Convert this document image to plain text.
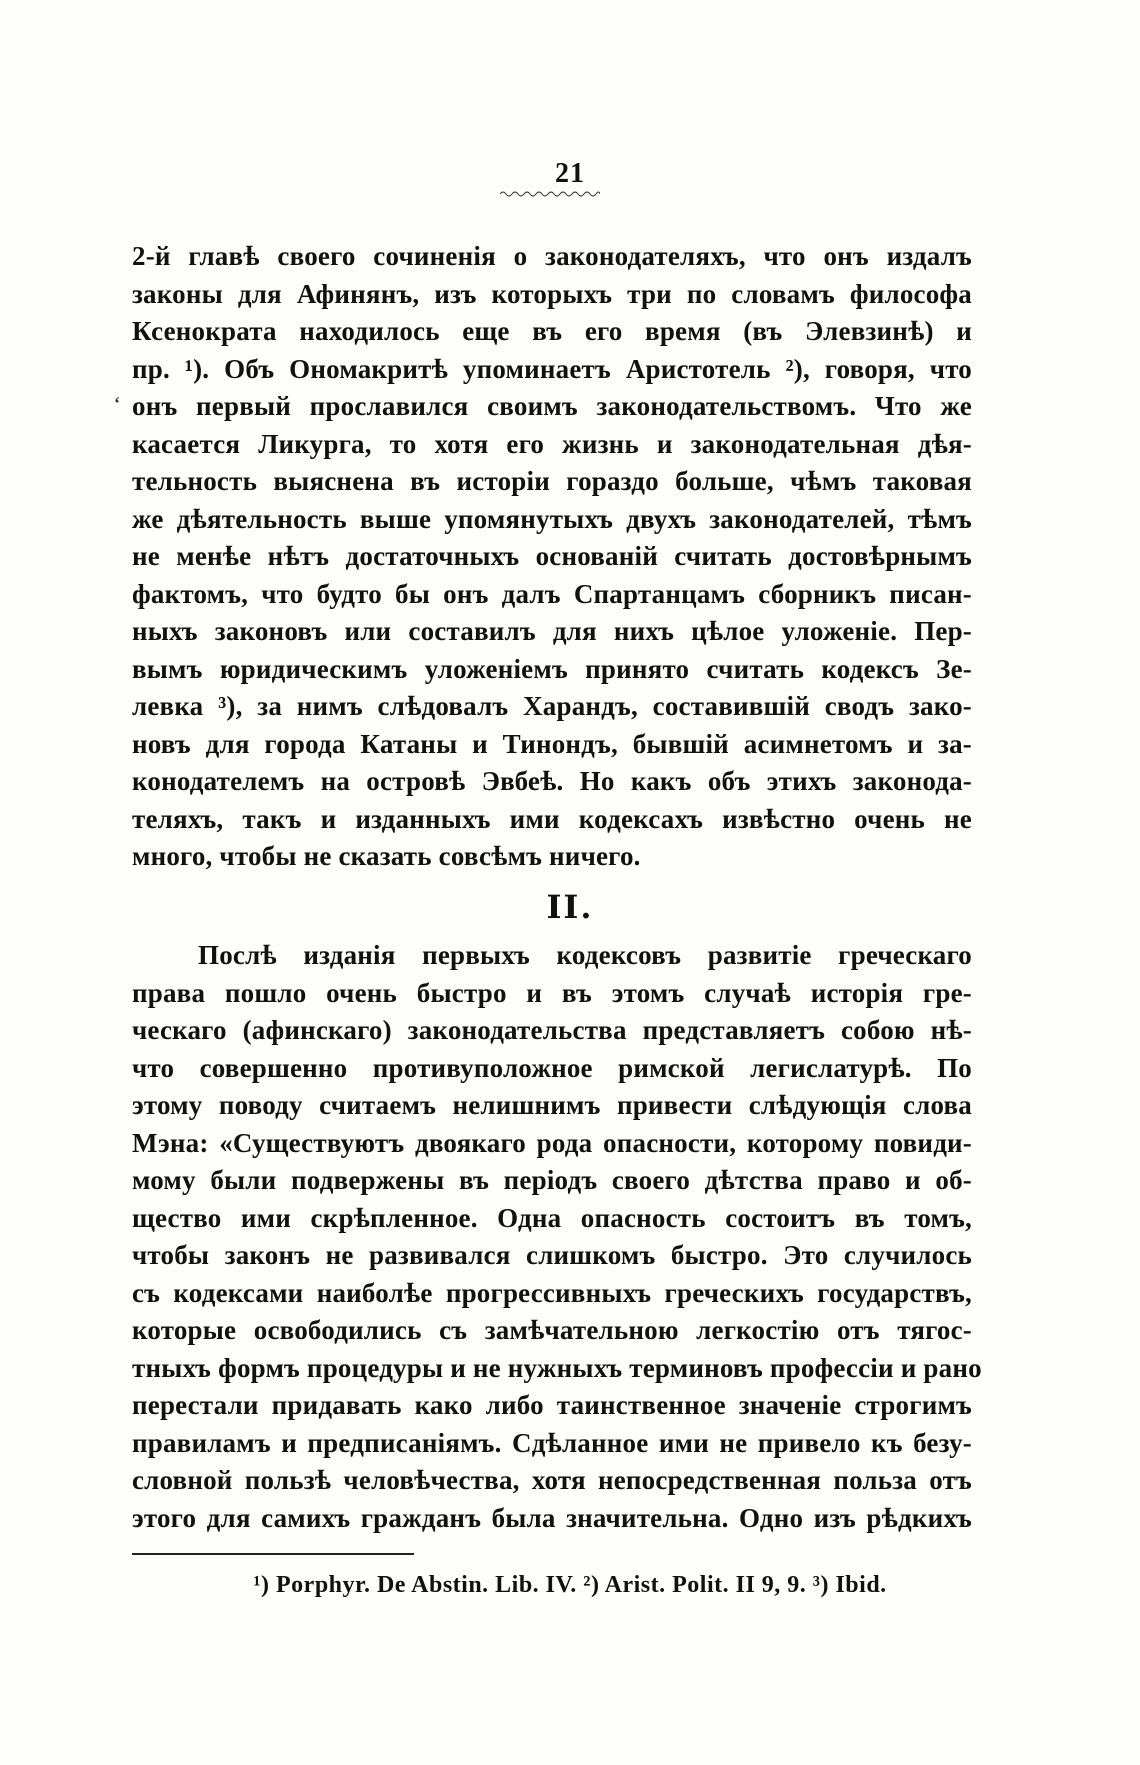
21
‘
2-й главѣ своего сочиненія о законодателяхъ, что онъ издалъ
законы для Афинянъ, изъ которыхъ три по словамъ философа
Ксенократа находилось еще въ его время (въ Элевзинѣ) и
пр. ¹). Объ Ономакритѣ упоминаетъ Аристотель ²), говоря, что
онъ первый прославился своимъ законодательствомъ. Что же
касается Ликурга, то хотя его жизнь и законодательная дѣя-
тельность выяснена въ исторіи гораздо больше, чѣмъ таковая
же дѣятельность выше упомянутыхъ двухъ законодателей, тѣмъ
не менѣе нѣтъ достаточныхъ основаній считать достовѣрнымъ
фактомъ, что будто бы онъ далъ Спартанцамъ сборникъ писан-
ныхъ законовъ или составилъ для нихъ цѣлое уложеніе. Пер-
вымъ юридическимъ уложеніемъ принято считать кодексъ Зе-
левка ³), за нимъ слѣдовалъ Харандъ, составившій сводъ зако-
новъ для города Катаны и Тинондъ, бывшій асимнетомъ и за-
конодателемъ на островѣ Эвбеѣ. Но какъ объ этихъ законода-
теляхъ, такъ и изданныхъ ими кодексахъ извѣстно очень не
много, чтобы не сказать совсѣмъ ничего.
II.
Послѣ изданія первыхъ кодексовъ развитіе греческаго
права пошло очень быстро и въ этомъ случаѣ исторія гре-
ческаго (афинскаго) законодательства представляетъ собою нѣ-
что совершенно противуположное римской легислатурѣ. По
этому поводу считаемъ нелишнимъ привести слѣдующія слова
Мэна: «Существуютъ двоякаго рода опасности, которому повиди-
мому были подвержены въ періодъ своего дѣтства право и об-
щество ими скрѣпленное. Одна опасность состоитъ въ томъ,
чтобы законъ не развивался слишкомъ быстро. Это случилось
съ кодексами наиболѣе прогрессивныхъ греческихъ государствъ,
которые освободились съ замѣчательною легкостію отъ тягос-
тныхъ формъ процедуры и не нужныхъ терминовъ профессіи и рано
перестали придавать како либо таинственное значеніе строгимъ
правиламъ и предписаніямъ. Сдѣланное ими не привело къ безу-
словной пользѣ человѣчества, хотя непосредственная польза отъ
этого для самихъ гражданъ была значительна. Одно изъ рѣдкихъ
¹) Porphyr. De Abstin. Lib. IV. ²) Arist. Polit. II 9, 9. ³) Ibid.
